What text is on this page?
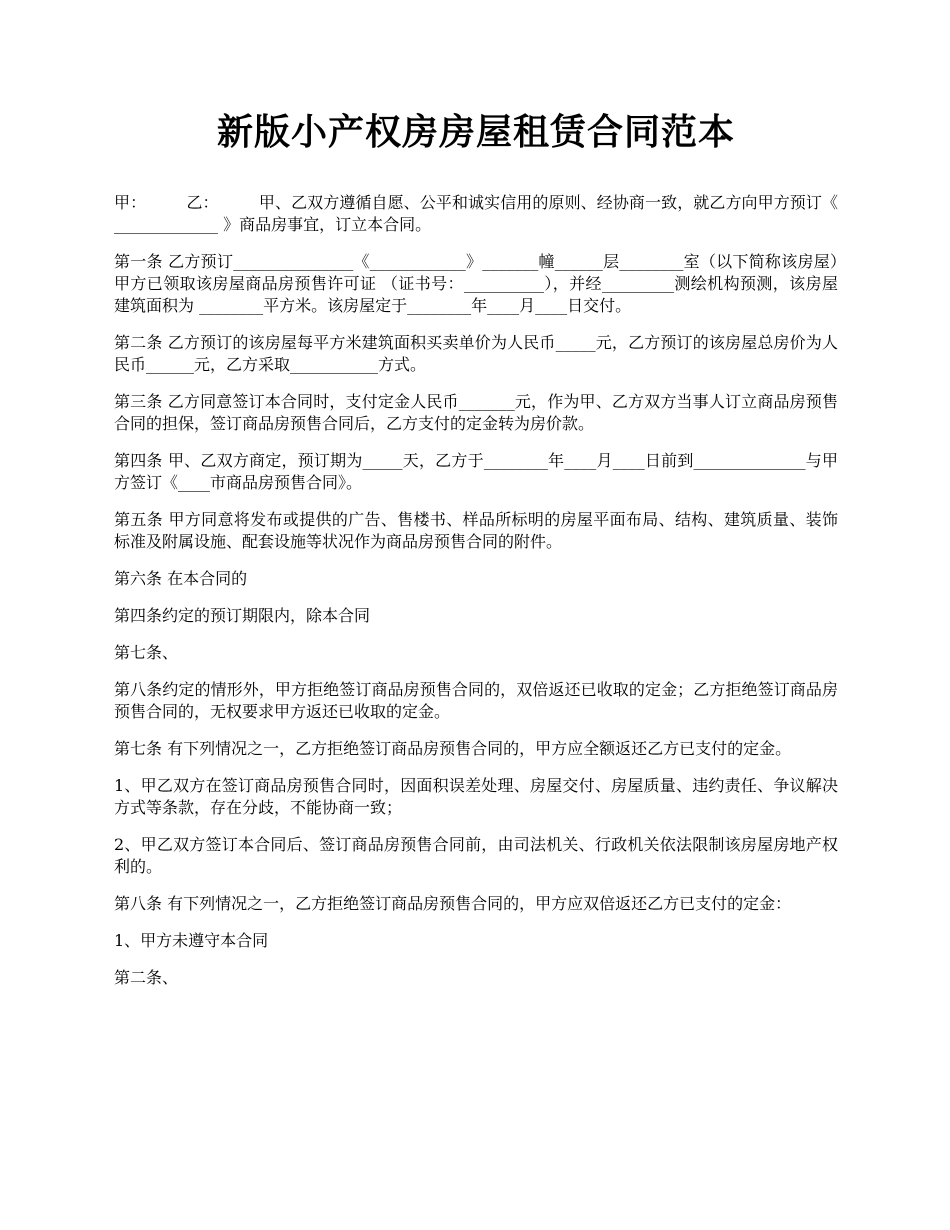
新版小产权房房屋租赁合同范本

甲：　　　乙：　　　甲、乙双方遵循自愿、公平和诚实信用的原则、经协商一致，就乙方向甲方预订《 _____________ 》商品房事宜，订立本合同。

第一条 乙方预订_______________《____________》_______幢______层________室（以下简称该房屋）甲方已领取该房屋商品房预售许可证 （证书号：__________），并经_________测绘机构预测，该房屋建筑面积为 ________平方米。该房屋定于________年____月____日交付。

第二条 乙方预订的该房屋每平方米建筑面积买卖单价为人民币_____元，乙方预订的该房屋总房价为人民币______元，乙方采取___________方式。

第三条 乙方同意签订本合同时，支付定金人民币_______元，作为甲、乙方双方当事人订立商品房预售合同的担保，签订商品房预售合同后，乙方支付的定金转为房价款。

第四条 甲、乙双方商定，预订期为_____天，乙方于________年____月____日前到______________与甲方签订《____市商品房预售合同》。

第五条 甲方同意将发布或提供的广告、售楼书、样品所标明的房屋平面布局、结构、建筑质量、装饰标准及附属设施、配套设施等状况作为商品房预售合同的附件。

第六条 在本合同的

第四条约定的预订期限内，除本合同

第七条、

第八条约定的情形外，甲方拒绝签订商品房预售合同的，双倍返还已收取的定金；乙方拒绝签订商品房预售合同的，无权要求甲方返还已收取的定金。

第七条 有下列情况之一，乙方拒绝签订商品房预售合同的，甲方应全额返还乙方已支付的定金。

1、甲乙双方在签订商品房预售合同时，因面积误差处理、房屋交付、房屋质量、违约责任、争议解决方式等条款，存在分歧，不能协商一致；

2、甲乙双方签订本合同后、签订商品房预售合同前，由司法机关、行政机关依法限制该房屋房地产权利的。

第八条 有下列情况之一，乙方拒绝签订商品房预售合同的，甲方应双倍返还乙方已支付的定金：

1、甲方未遵守本合同

第二条、
